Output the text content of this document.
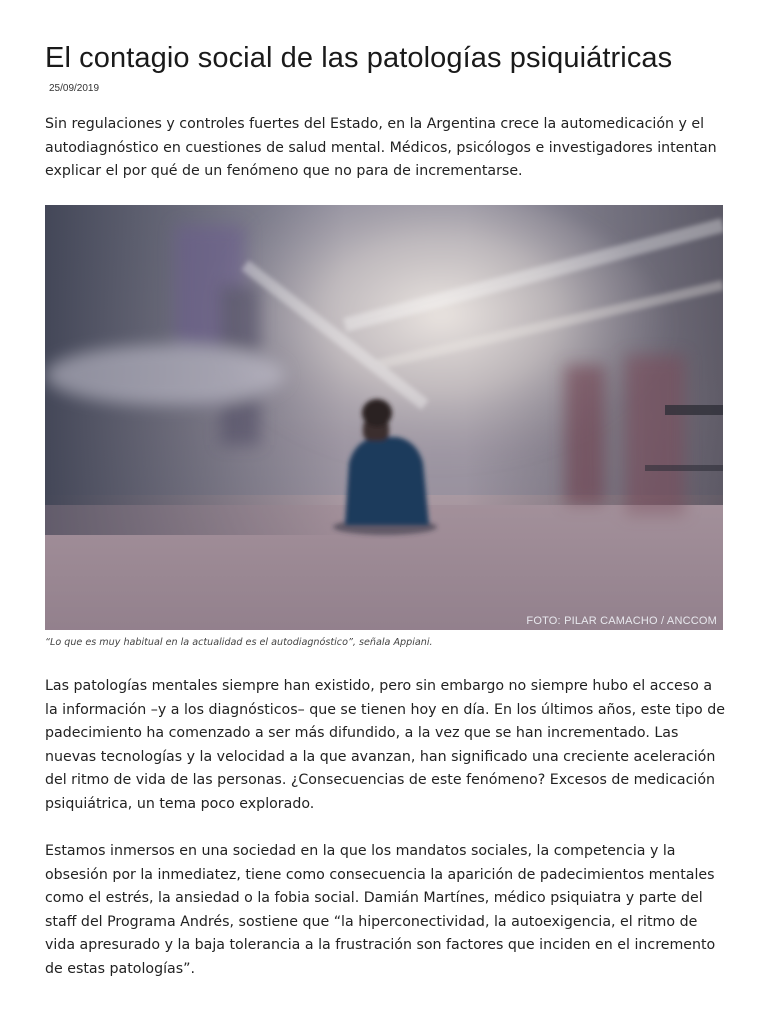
El contagio social de las patologías psiquiátricas
25/09/2019

Sin regulaciones y controles fuertes del Estado, en la Argentina crece la automedicación y el autodiagnóstico en cuestiones de salud mental. Médicos, psicólogos e investigadores intentan explicar el por qué de un fenómeno que no para de incrementarse.

FOTO: PILAR CAMACHO / ANCCOM
“Lo que es muy habitual en la actualidad es el autodiagnóstico”, señala Appiani.

Las patologías mentales siempre han existido, pero sin embargo no siempre hubo el acceso a la información –y a los diagnósticos– que se tienen hoy en día. En los últimos años, este tipo de padecimiento ha comenzado a ser más difundido, a la vez que se han incrementado. Las nuevas tecnologías y la velocidad a la que avanzan, han significado una creciente aceleración del ritmo de vida de las personas. ¿Consecuencias de este fenómeno? Excesos de medicación psiquiátrica, un tema poco explorado.

Estamos inmersos en una sociedad en la que los mandatos sociales, la competencia y la obsesión por la inmediatez, tiene como consecuencia la aparición de padecimientos mentales como el estrés, la ansiedad o la fobia social. Damián Martínes, médico psiquiatra y parte del staff del Programa Andrés, sostiene que “la hiperconectividad, la autoexigencia, el ritmo de vida apresurado y la baja tolerancia a la frustración son factores que inciden en el incremento de estas patologías”.
